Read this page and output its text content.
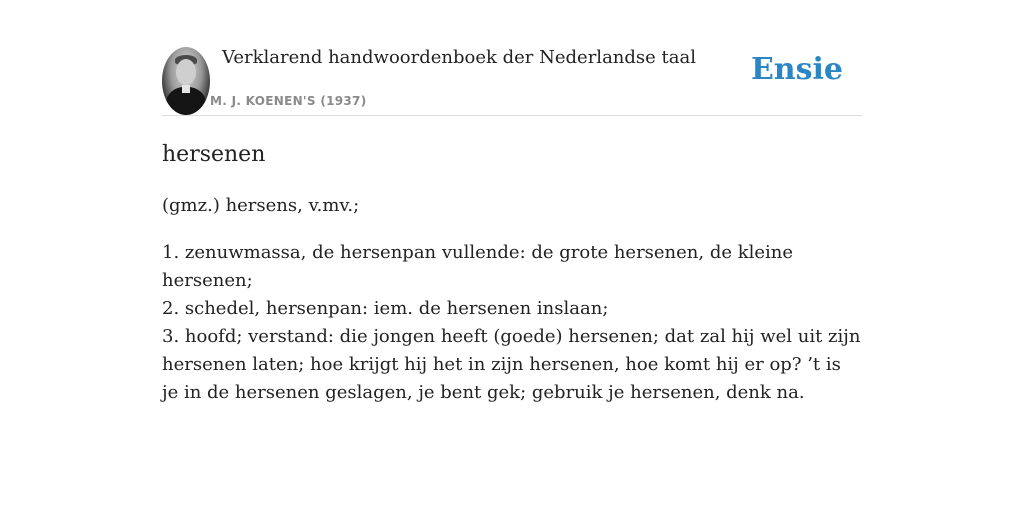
Verklarend handwoordenboek der Nederlandse taal
M. J. KOENEN'S (1937)
Ensie
hersenen
(gmz.) hersens, v.mv.;
1. zenuwmassa, de hersenpan vullende: de grote hersenen, de kleine hersenen;
2. schedel, hersenpan: iem. de hersenen inslaan;
3. hoofd; verstand: die jongen heeft (goede) hersenen; dat zal hij wel uit zijn hersenen laten; hoe krijgt hij het in zijn hersenen, hoe komt hij er op? ’t is je in de hersenen geslagen, je bent gek; gebruik je hersenen, denk na.
